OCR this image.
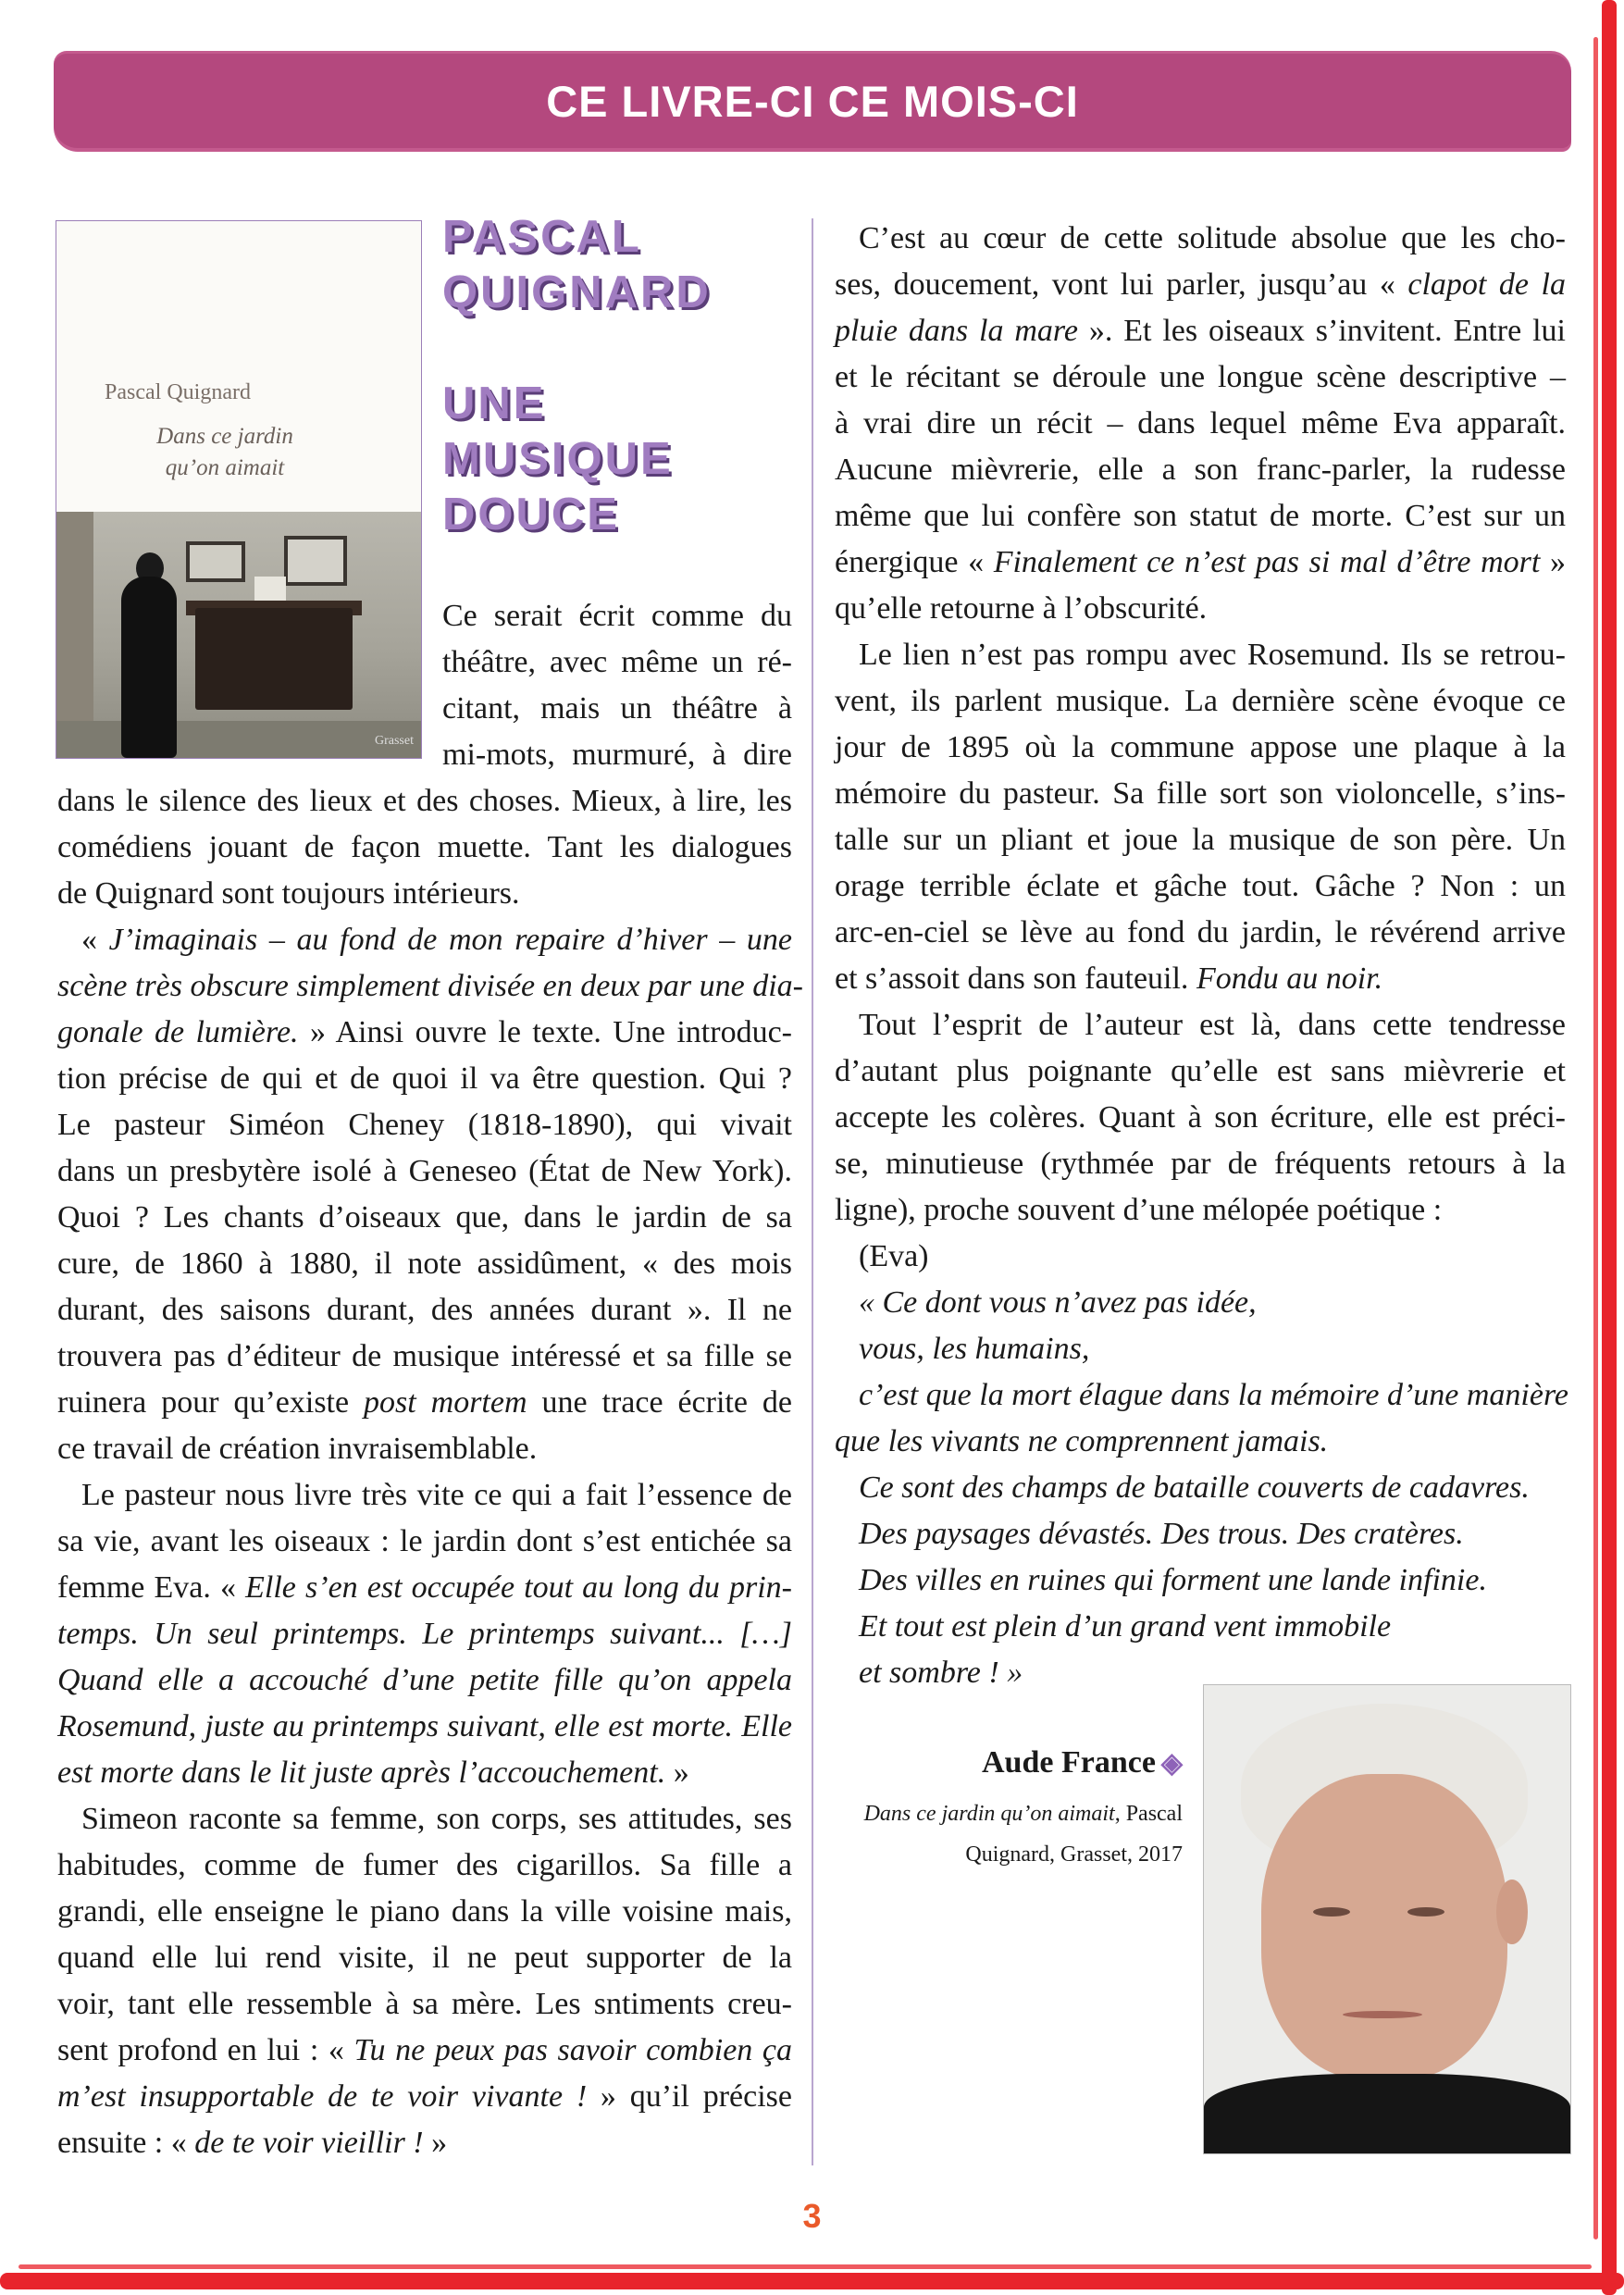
CE LIVRE-CI CE MOIS-CI
Pascal Quignard
Dans ce jardin
qu’on aimait
Grasset
PASCAL
QUIGNARD
UNE
MUSIQUE
DOUCE
Ce serait écrit comme du
théâtre, avec même un ré-
citant, mais un théâtre à
mi-mots, murmuré, à dire
dans le silence des lieux et des choses. Mieux, à lire, les
comédiens jouant de façon muette. Tant les dialogues
de Quignard sont toujours intérieurs.
« J’imaginais – au fond de mon repaire d’hiver – une
scène très obscure simplement divisée en deux par une dia-
gonale de lumière. » Ainsi ouvre le texte. Une introduc-
tion précise de qui et de quoi il va être question. Qui ?
Le pasteur Siméon Cheney (1818-1890), qui vivait
dans un presbytère isolé à Geneseo (État de New York).
Quoi ? Les chants d’oiseaux que, dans le jardin de sa
cure, de 1860 à 1880, il note assidûment, « des mois
durant, des saisons durant, des années durant ». Il ne
trouvera pas d’éditeur de musique intéressé et sa fille se
ruinera pour qu’existe post mortem une trace écrite de
ce travail de création invraisemblable.
Le pasteur nous livre très vite ce qui a fait l’essence de
sa vie, avant les oiseaux : le jardin dont s’est entichée sa
femme Eva. « Elle s’en est occupée tout au long du prin-
temps. Un seul printemps. Le printemps suivant... […]
Quand elle a accouché d’une petite fille qu’on appela
Rosemund, juste au printemps suivant, elle est morte. Elle
est morte dans le lit juste après l’accouchement. »
Simeon raconte sa femme, son corps, ses attitudes, ses
habitudes, comme de fumer des cigarillos. Sa fille a
grandi, elle enseigne le piano dans la ville voisine mais,
quand elle lui rend visite, il ne peut supporter de la
voir, tant elle ressemble à sa mère. Les sntiments creu-
sent profond en lui : « Tu ne peux pas savoir combien ça
m’est insupportable de te voir vivante ! » qu’il précise
ensuite : « de te voir vieillir ! »
C’est au cœur de cette solitude absolue que les cho-
ses, doucement, vont lui parler, jusqu’au « clapot de la
pluie dans la mare ». Et les oiseaux s’invitent. Entre lui
et le récitant se déroule une longue scène descriptive –
à vrai dire un récit – dans lequel même Eva apparaît.
Aucune mièvrerie, elle a son franc-parler, la rudesse
même que lui confère son statut de morte. C’est sur un
énergique « Finalement ce n’est pas si mal d’être mort »
qu’elle retourne à l’obscurité.
Le lien n’est pas rompu avec Rosemund. Ils se retrou-
vent, ils parlent musique. La dernière scène évoque ce
jour de 1895 où la commune appose une plaque à la
mémoire du pasteur. Sa fille sort son violoncelle, s’ins-
talle sur un pliant et joue la musique de son père. Un
orage terrible éclate et gâche tout. Gâche ? Non : un
arc-en-ciel se lève au fond du jardin, le révérend arrive
et s’assoit dans son fauteuil. Fondu au noir.
Tout l’esprit de l’auteur est là, dans cette tendresse
d’autant plus poignante qu’elle est sans mièvrerie et
accepte les colères. Quant à son écriture, elle est préci-
se, minutieuse (rythmée par de fréquents retours à la
ligne), proche souvent d’une mélopée poétique :
(Eva)
« Ce dont vous n’avez pas idée,
vous, les humains,
c’est que la mort élague dans la mémoire d’une manière
que les vivants ne comprennent jamais.
Ce sont des champs de bataille couverts de cadavres.
Des paysages dévastés. Des trous. Des cratères.
Des villes en ruines qui forment une lande infinie.
Et tout est plein d’un grand vent immobile
et sombre ! »
Aude France ◈
Dans ce jardin qu’on aimait, Pascal
Quignard, Grasset, 2017
3
